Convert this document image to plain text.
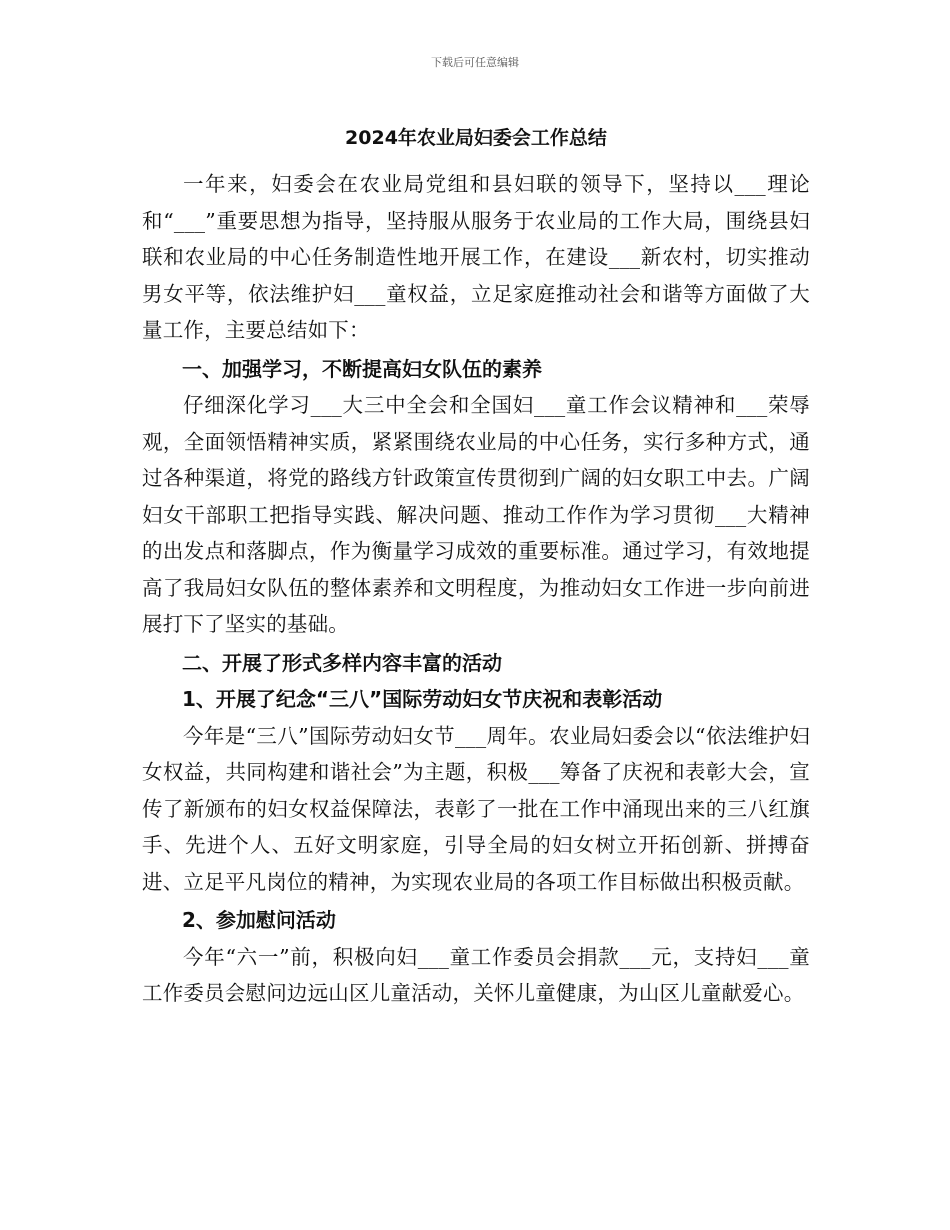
下载后可任意编辑
2024年农业局妇委会工作总结

一年来，妇委会在农业局党组和县妇联的领导下，坚持以___理论和“___”重要思想为指导，坚持服从服务于农业局的工作大局，围绕县妇联和农业局的中心任务制造性地开展工作，在建设___新农村，切实推动男女平等，依法维护妇___童权益，立足家庭推动社会和谐等方面做了大量工作，主要总结如下：

一、加强学习，不断提高妇女队伍的素养

仔细深化学习___大三中全会和全国妇___童工作会议精神和___荣辱观，全面领悟精神实质，紧紧围绕农业局的中心任务，实行多种方式，通过各种渠道，将党的路线方针政策宣传贯彻到广阔的妇女职工中去。广阔妇女干部职工把指导实践、解决问题、推动工作作为学习贯彻___大精神的出发点和落脚点，作为衡量学习成效的重要标准。通过学习，有效地提高了我局妇女队伍的整体素养和文明程度，为推动妇女工作进一步向前进展打下了坚实的基础。

二、开展了形式多样内容丰富的活动
1、开展了纪念“三八”国际劳动妇女节庆祝和表彰活动

今年是“三八”国际劳动妇女节___周年。农业局妇委会以“依法维护妇女权益，共同构建和谐社会”为主题，积极___筹备了庆祝和表彰大会，宣传了新颁布的妇女权益保障法，表彰了一批在工作中涌现出来的三八红旗手、先进个人、五好文明家庭，引导全局的妇女树立开拓创新、拼搏奋进、立足平凡岗位的精神，为实现农业局的各项工作目标做出积极贡献。

2、参加慰问活动

今年“六一”前，积极向妇___童工作委员会捐款___元，支持妇___童工作委员会慰问边远山区儿童活动，关怀儿童健康，为山区儿童献爱心。
